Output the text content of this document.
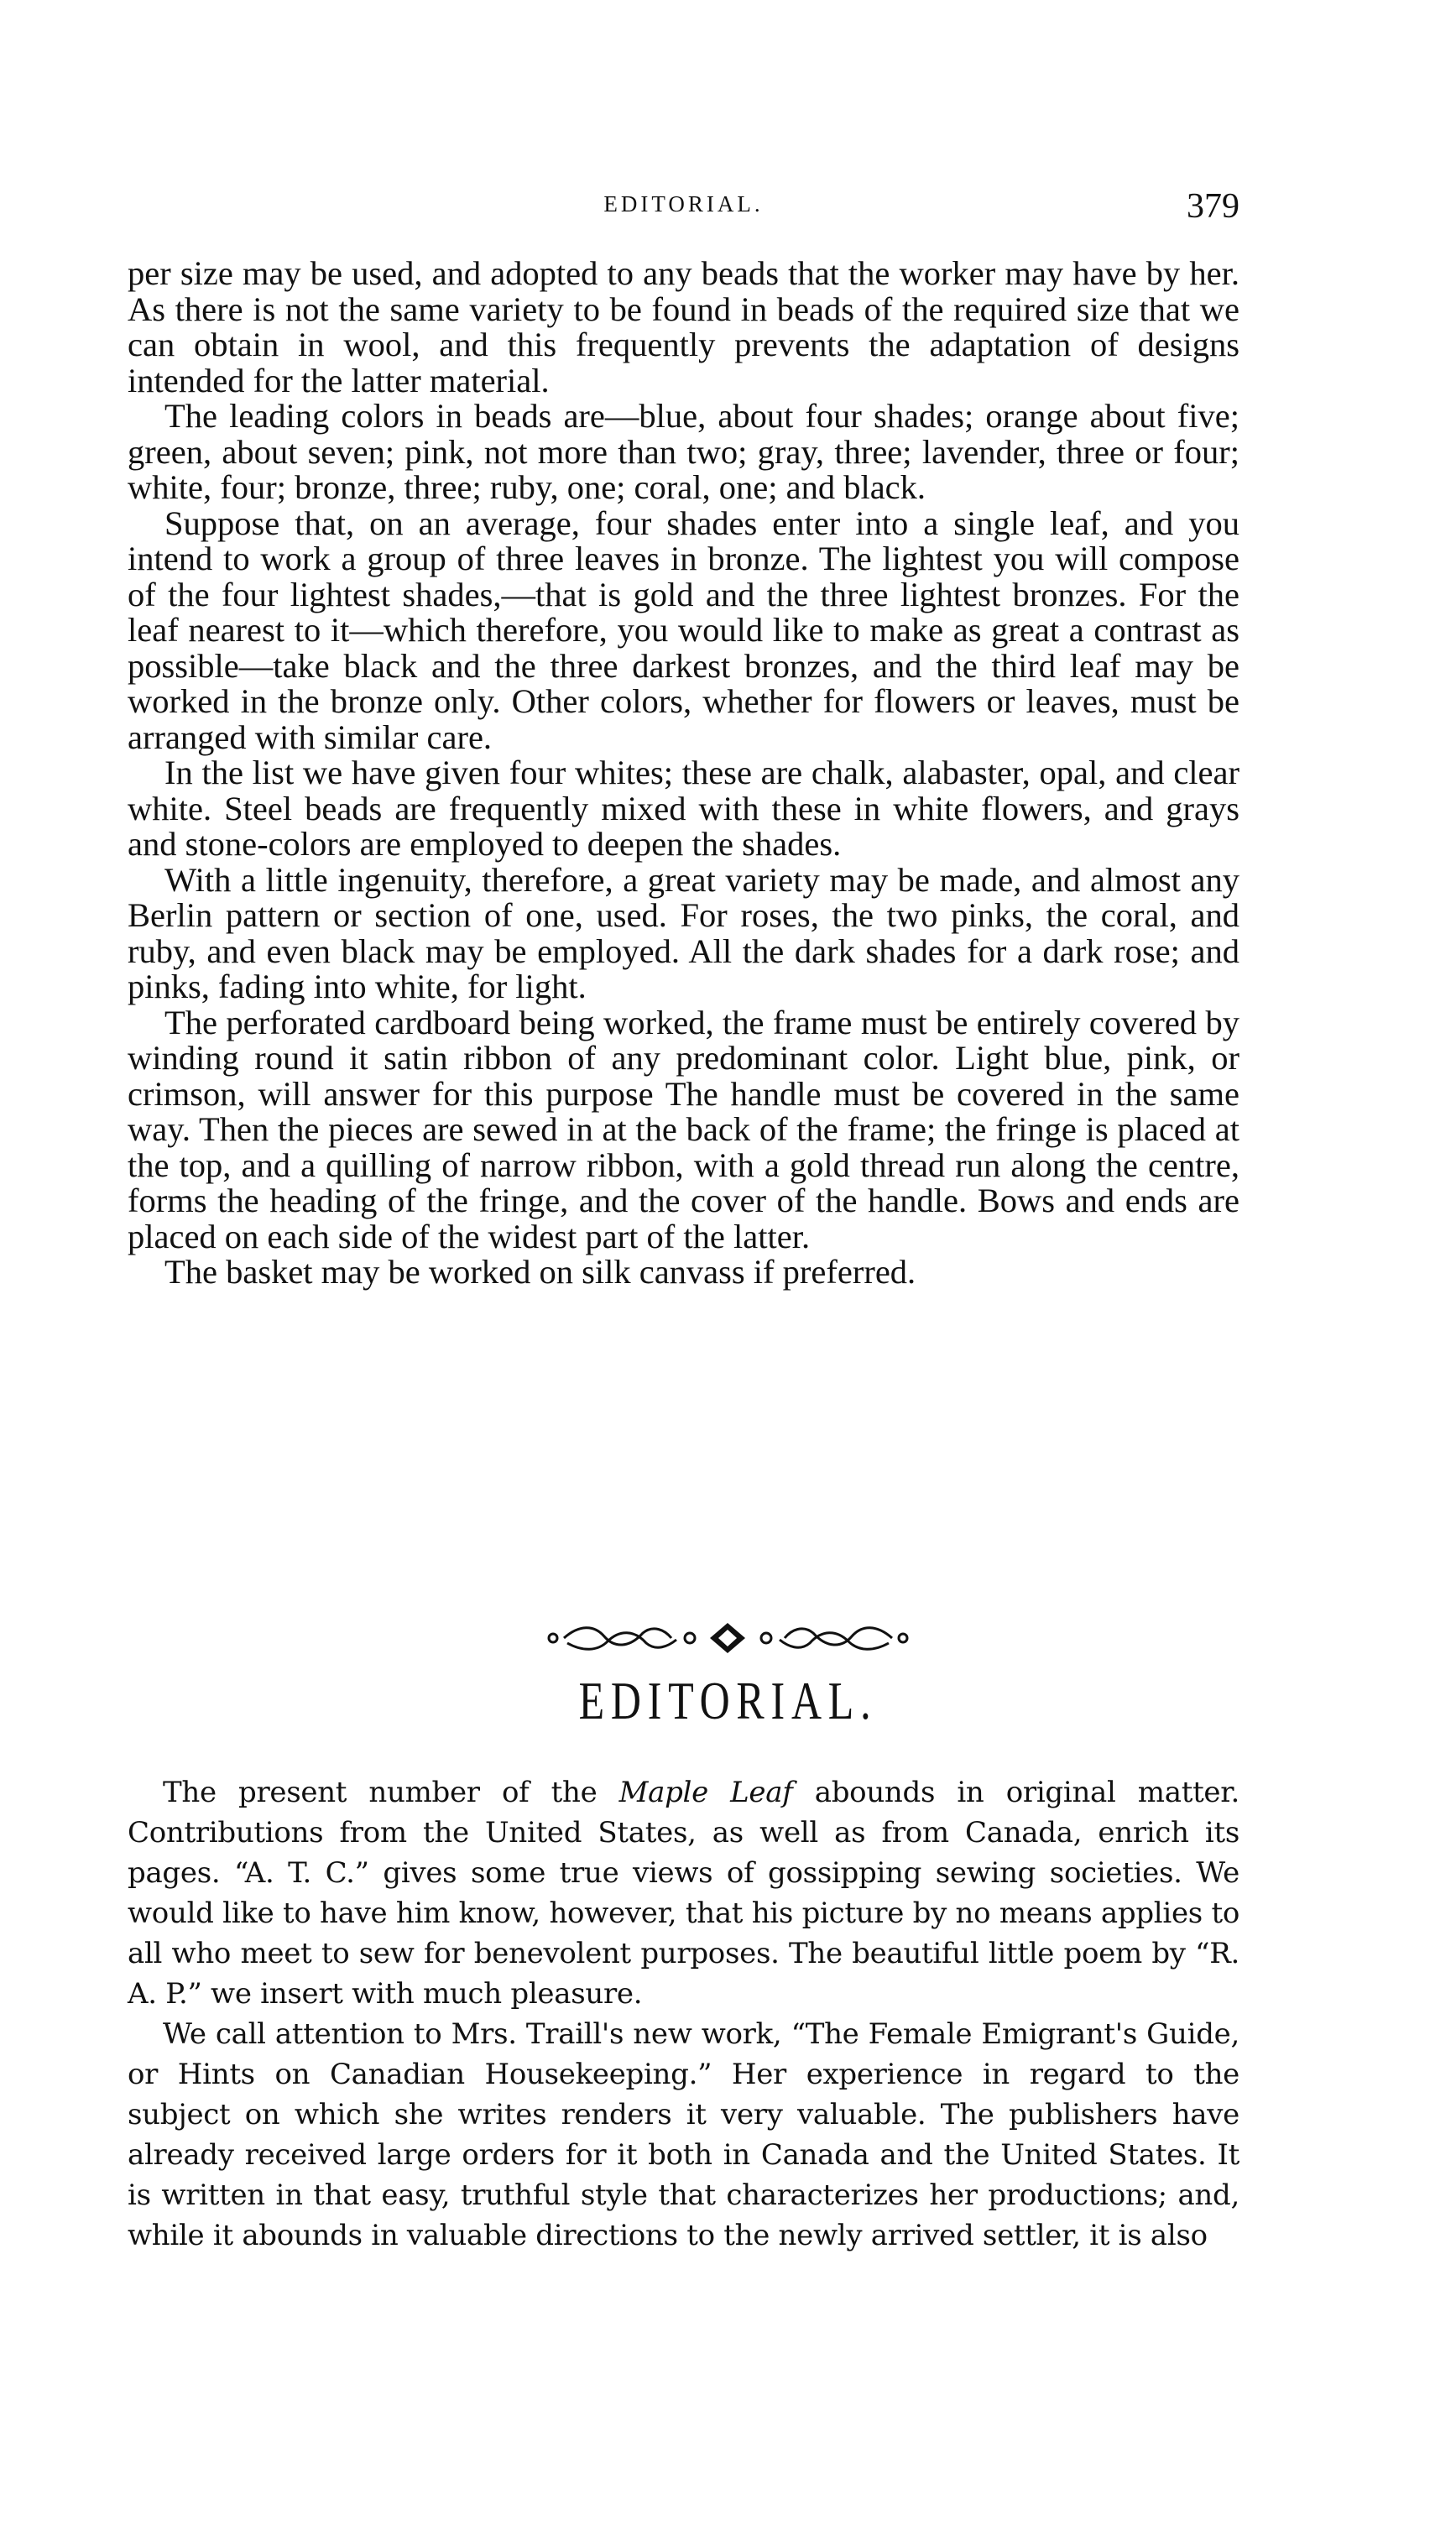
EDITORIAL.	379

per size may be used, and adopted to any beads that the worker may have by her. As there is not the same variety to be found in beads of the required size that we can obtain in wool, and this frequently prevents the adaptation of designs intended for the latter material.

The leading colors in beads are—blue, about four shades; orange about five; green, about seven; pink, not more than two; gray, three; lavender, three or four; white, four; bronze, three; ruby, one; coral, one; and black.

Suppose that, on an average, four shades enter into a single leaf, and you intend to work a group of three leaves in bronze. The lightest you will compose of the four lightest shades,—that is gold and the three lightest bronzes. For the leaf nearest to it—which therefore, you would like to make as great a contrast as possible—take black and the three darkest bronzes, and the third leaf may be worked in the bronze only. Other colors, whether for flowers or leaves, must be arranged with similar care.

In the list we have given four whites; these are chalk, alabaster, opal, and clear white. Steel beads are frequently mixed with these in white flowers, and grays and stone-colors are employed to deepen the shades.

With a little ingenuity, therefore, a great variety may be made, and almost any Berlin pattern or section of one, used. For roses, the two pinks, the coral, and ruby, and even black may be employed. All the dark shades for a dark rose; and pinks, fading into white, for light.

The perforated cardboard being worked, the frame must be entirely covered by winding round it satin ribbon of any predominant color. Light blue, pink, or crimson, will answer for this purpose The handle must be covered in the same way. Then the pieces are sewed in at the back of the frame; the fringe is placed at the top, and a quilling of narrow ribbon, with a gold thread run along the centre, forms the heading of the fringe, and the cover of the handle. Bows and ends are placed on each side of the widest part of the latter.

The basket may be worked on silk canvass if preferred.

EDITORIAL.

The present number of the Maple Leaf abounds in original matter. Contributions from the United States, as well as from Canada, enrich its pages. “A. T. C.” gives some true views of gossipping sewing societies. We would like to have him know, however, that his picture by no means applies to all who meet to sew for benevolent purposes. The beautiful little poem by “R. A. P.” we insert with much pleasure.

We call attention to Mrs. Traill's new work, “The Female Emigrant's Guide, or Hints on Canadian Housekeeping.” Her experience in regard to the subject on which she writes renders it very valuable. The publishers have already received large orders for it both in Canada and the United States. It is written in that easy, truthful style that characterizes her productions; and, while it abounds in valuable directions to the newly arrived settler, it is also
